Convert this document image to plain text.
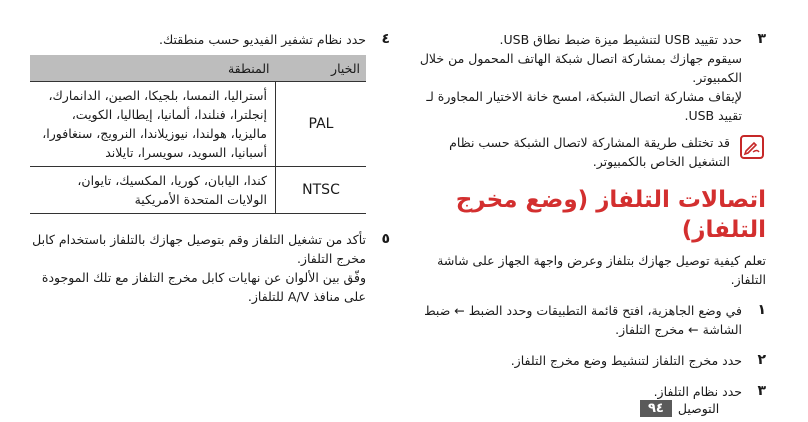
٣
حدد تقييد USB لتنشيط ميزة ضبط نطاق USB.
سيقوم جهازك بمشاركة اتصال شبكة الهاتف المحمول من خلال الكمبيوتر.
لإيقاف مشاركة اتصال الشبكة، امسح خانة الاختيار المجاورة لـ تقييد USB.
قد تختلف طريقة المشاركة لاتصال الشبكة حسب نظام التشغيل الخاص بالكمبيوتر.
اتصالات التلفاز (وضع مخرج التلفاز)
تعلم كيفية توصيل جهازك بتلفاز وعرض واجهة الجهاز على شاشة التلفاز.
١
في وضع الجاهزية، افتح قائمة التطبيقات وحدد الضبط ← ضبط الشاشة ← مخرج التلفاز.
٢
حدد مخرج التلفاز لتنشيط وضع مخرج التلفاز.
٣
حدد نظام التلفاز.
٤
حدد نظام تشفير الفيديو حسب منطقتك.
الخيار	المنطقة
PAL	أستراليا، النمسا، بلجيكا، الصين، الدانمارك، إنجلترا، فنلندا، ألمانيا، إيطاليا، الكويت، ماليزيا، هولندا، نيوزيلاندا، النرويج، سنغافورا، أسبانيا، السويد، سويسرا، تايلاند
NTSC	كندا، اليابان، كوريا، المكسيك، تايوان، الولايات المتحدة الأمريكية
٥
تأكد من تشغيل التلفاز وقم بتوصيل جهازك بالتلفاز باستخدام كابل مخرج التلفاز.
وفّق بين الألوان عن نهايات كابل مخرج التلفاز مع تلك الموجودة على منافذ A/V للتلفاز.
التوصيل
٩٤
